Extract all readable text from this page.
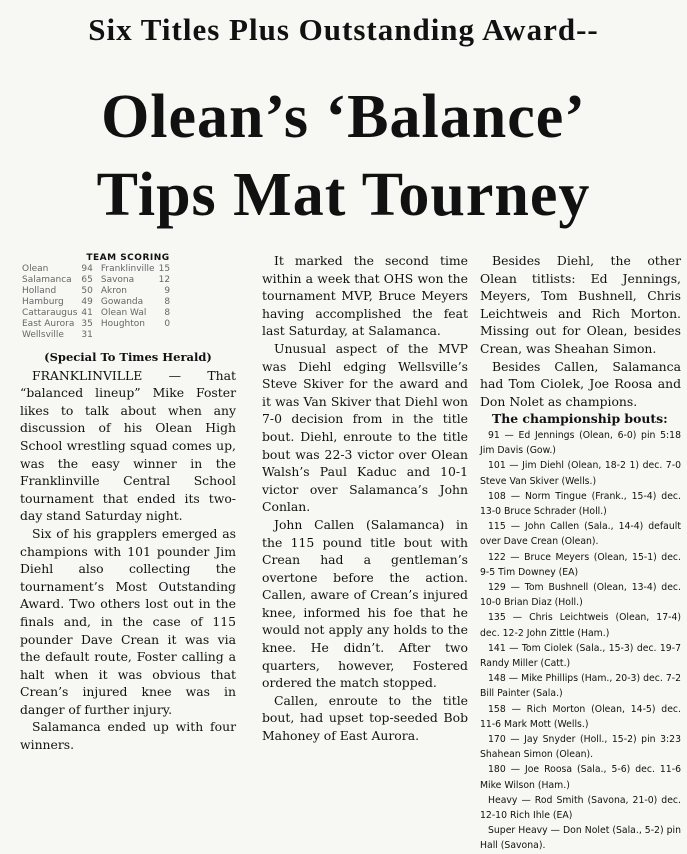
Six Titles Plus Outstanding Award--
Olean’s ‘Balance’
Tips Mat Tourney
TEAM SCORING
Olean	94	Franklinville	15
Salamanca	65	Savona	12
Holland	50	Akron	9
Hamburg	49	Gowanda	8
Cattaraugus	41	Olean Wal	8
East Aurora	35	Houghton	0
Wellsville	31		
(Special To Times Herald)

FRANKLINVILLE — That “balanced lineup” Mike Foster likes to talk about when any discussion of his Olean High School wrestling squad comes up, was the easy winner in the Franklinville Central School tournament that ended its two-day stand Saturday night.

Six of his grapplers emerged as champions with 101 pounder Jim Diehl also collecting the tournament’s Most Outstanding Award. Two others lost out in the finals and, in the case of 115 pounder Dave Crean it was via the default route, Foster calling a halt when it was obvious that Crean’s injured knee was in danger of further injury.

Salamanca ended up with four winners.

It marked the second time within a week that OHS won the tournament MVP, Bruce Meyers having accomplished the feat last Saturday, at Salamanca.

Unusual aspect of the MVP was Diehl edging Wellsville’s Steve Skiver for the award and it was Van Skiver that Diehl won 7-0 decision from in the title bout. Diehl, enroute to the title bout was 22-3 victor over Olean Walsh’s Paul Kaduc and 10-1 victor over Salamanca’s John Conlan.

John Callen (Salamanca) in the 115 pound title bout with Crean had a gentleman’s overtone before the action. Callen, aware of Crean’s injured knee, informed his foe that he would not apply any holds to the knee. He didn’t. After two quarters, however, Fostered ordered the match stopped.

Callen, enroute to the title bout, had upset top-seeded Bob Mahoney of East Aurora.

Besides Diehl, the other Olean titlists: Ed Jennings, Meyers, Tom Bushnell, Chris Leichtweis and Rich Morton. Missing out for Olean, besides Crean, was Sheahan Simon.

Besides Callen, Salamanca had Tom Ciolek, Joe Roosa and Don Nolet as champions.

The championship bouts:

91 — Ed Jennings (Olean, 6-0) pin 5:18 Jim Davis (Gow.)
101 — Jim Diehl (Olean, 18-2 1) dec. 7-0 Steve Van Skiver (Wells.)
108 — Norm Tingue (Frank., 15-4) dec. 13-0 Bruce Schrader (Holl.)
115 — John Callen (Sala., 14-4) default over Dave Crean (Olean).
122 — Bruce Meyers (Olean, 15-1) dec. 9-5 Tim Downey (EA)
129 — Tom Bushnell (Olean, 13-4) dec. 10-0 Brian Diaz (Holl.)
135 — Chris Leichtweis (Olean, 17-4) dec. 12-2 John Zittle (Ham.)
141 — Tom Ciolek (Sala., 15-3) dec. 19-7 Randy Miller (Catt.)
148 — Mike Phillips (Ham., 20-3) dec. 7-2 Bill Painter (Sala.)
158 — Rich Morton (Olean, 14-5) dec. 11-6 Mark Mott (Wells.)
170 — Jay Snyder (Holl., 15-2) pin 3:23 Shahean Simon (Olean).
180 — Joe Roosa (Sala., 5-6) dec. 11-6 Mike Wilson (Ham.)
Heavy — Rod Smith (Savona, 21-0) dec. 12-10 Rich Ihle (EA)
Super Heavy — Don Nolet (Sala., 5-2) pin Hall (Savona).
